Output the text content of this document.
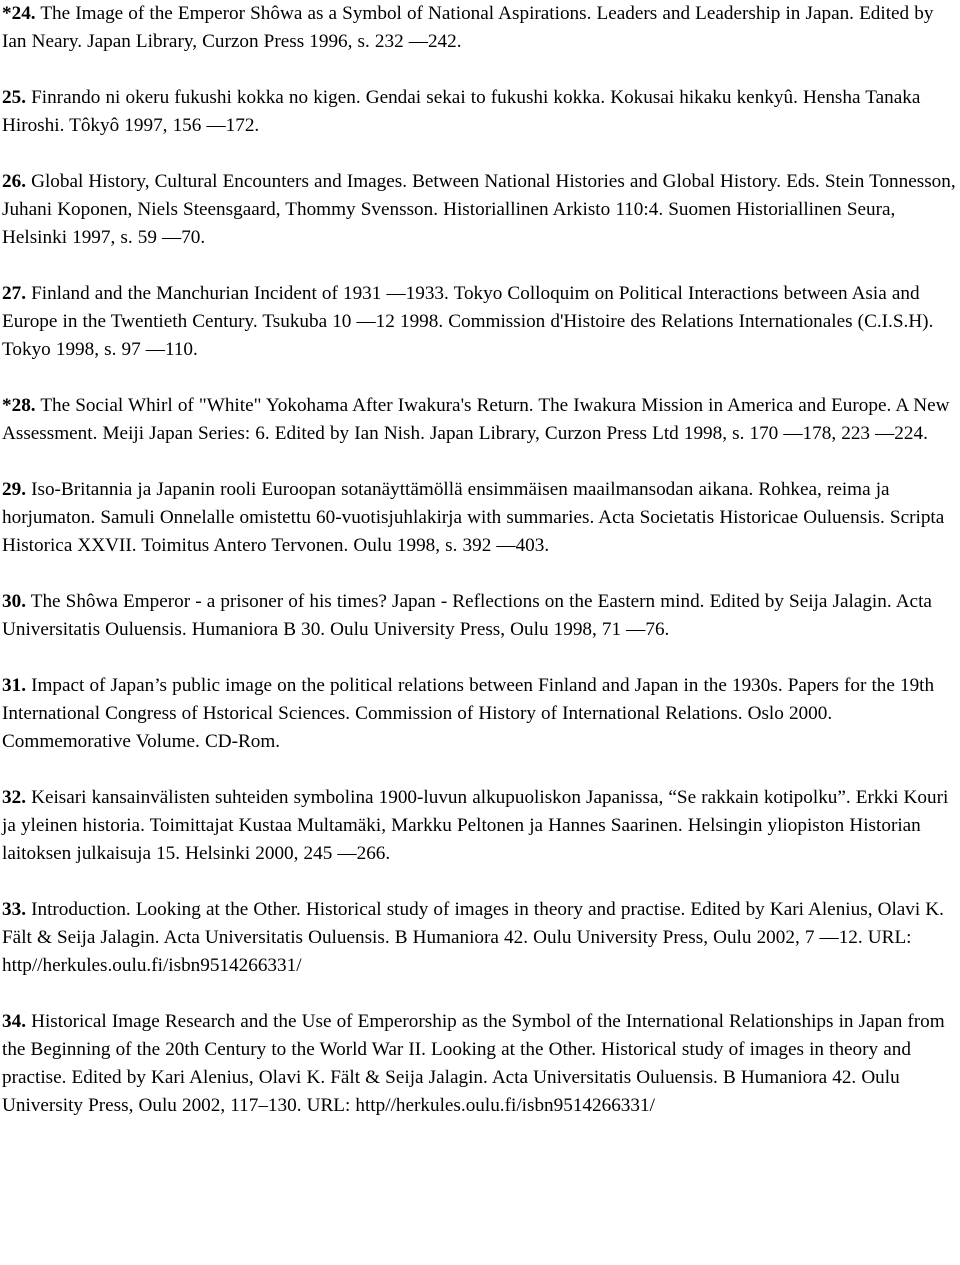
*24. The Image of the Emperor Shôwa as a Symbol of National Aspirations. Leaders and Leadership in Japan. Edited by Ian Neary. Japan Library, Curzon Press 1996, s. 232 —242.

25. Finrando ni okeru fukushi kokka no kigen. Gendai sekai to fukushi kokka. Kokusai hikaku kenkyû. Hensha Tanaka Hiroshi. Tôkyô 1997, 156 —172.

26. Global History, Cultural Encounters and Images. Between National Histories and Global History. Eds. Stein Tonnesson, Juhani Koponen, Niels Steensgaard, Thommy Svensson. Historiallinen Arkisto 110:4. Suomen Historiallinen Seura, Helsinki 1997, s. 59 —70.

27. Finland and the Manchurian Incident of 1931 —1933. Tokyo Colloquim on Political Interactions between Asia and Europe in the Twentieth Century. Tsukuba 10 —12 1998. Commission d'Histoire des Relations Internationales (C.I.S.H). Tokyo 1998, s. 97 —110.

*28. The Social Whirl of "White" Yokohama After Iwakura's Return. The Iwakura Mission in America and Europe. A New Assessment. Meiji Japan Series: 6. Edited by Ian Nish. Japan Library, Curzon Press Ltd 1998, s. 170 —178, 223 —224.

29. Iso-Britannia ja Japanin rooli Euroopan sotanäyttämöllä ensimmäisen maailmansodan aikana. Rohkea, reima ja horjumaton. Samuli Onnelalle omistettu 60-vuotisjuhlakirja with summaries. Acta Societatis Historicae Ouluensis. Scripta Historica XXVII. Toimitus Antero Tervonen. Oulu 1998, s. 392 —403.

30. The Shôwa Emperor - a prisoner of his times? Japan - Reflections on the Eastern mind. Edited by Seija Jalagin. Acta Universitatis Ouluensis. Humaniora B 30. Oulu University Press, Oulu 1998, 71 —76.

31. Impact of Japan’s public image on the political relations between Finland and Japan in the 1930s. Papers for the 19th International Congress of Hstorical Sciences. Commission of History of International Relations. Oslo 2000. Commemorative Volume. CD-Rom.

32. Keisari kansainvälisten suhteiden symbolina 1900-luvun alkupuoliskon Japanissa, “Se rakkain kotipolku”. Erkki Kouri ja yleinen historia. Toimittajat Kustaa Multamäki, Markku Peltonen ja Hannes Saarinen. Helsingin yliopiston Historian laitoksen julkaisuja 15. Helsinki 2000, 245 —266.

33. Introduction. Looking at the Other. Historical study of images in theory and practise. Edited by Kari Alenius, Olavi K. Fält & Seija Jalagin. Acta Universitatis Ouluensis. B Humaniora 42. Oulu University Press, Oulu 2002, 7 —12. URL: http//herkules.oulu.fi/isbn9514266331/

34. Historical Image Research and the Use of Emperorship as the Symbol of the International Relationships in Japan from the Beginning of the 20th Century to the World War II. Looking at the Other. Historical study of images in theory and practise. Edited by Kari Alenius, Olavi K. Fält & Seija Jalagin. Acta Universitatis Ouluensis. B Humaniora 42. Oulu University Press, Oulu 2002, 117–130. URL: http//herkules.oulu.fi/isbn9514266331/
